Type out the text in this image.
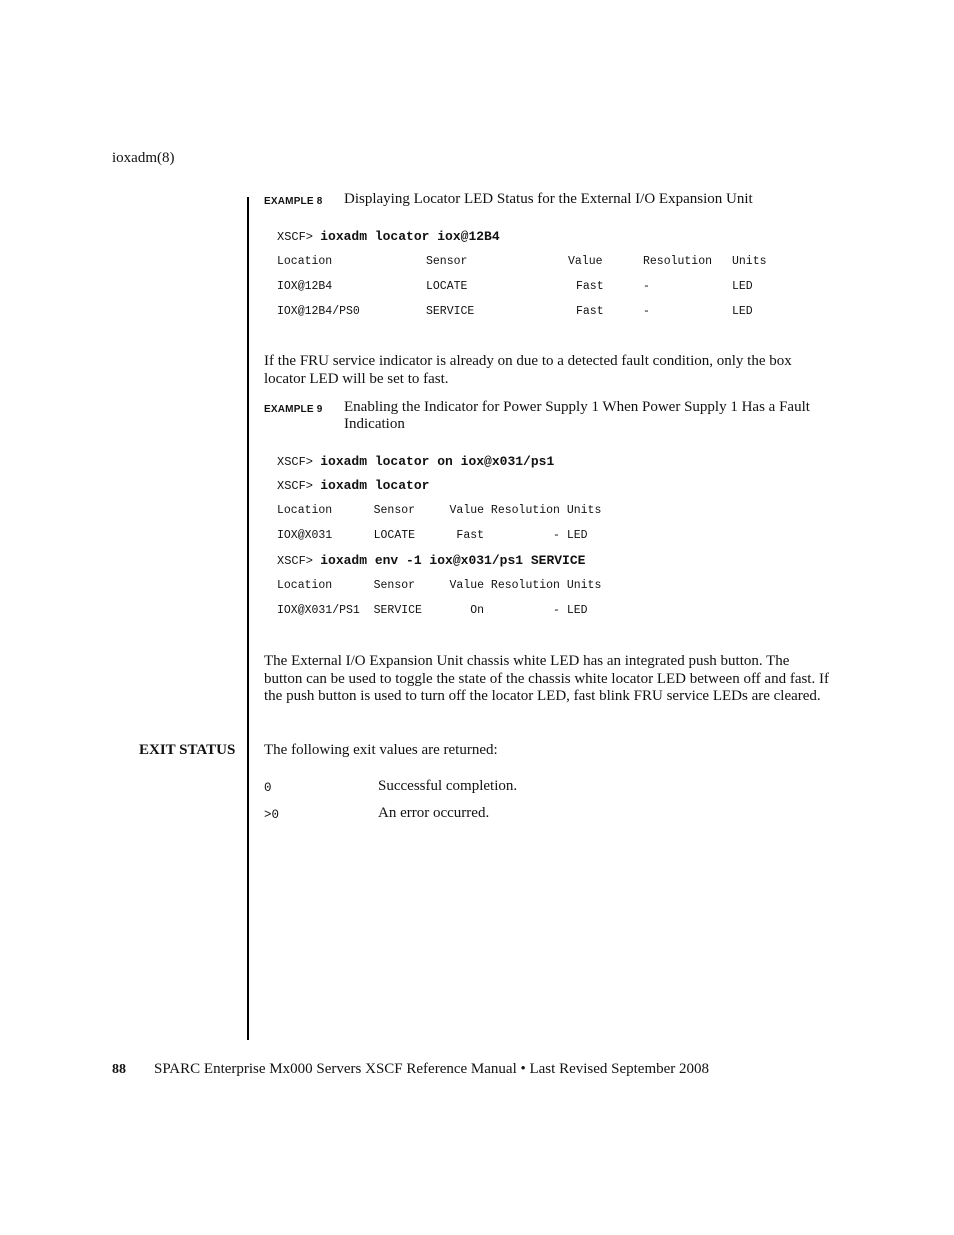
ioxadm(8)
EXAMPLE 8 Displaying Locator LED Status for the External I/O Expansion Unit
XSCF> ioxadm locator iox@12B4
Location	Sensor	Value	Resolution Units
IOX@12B4	LOCATE	Fast	-	LED
IOX@12B4/PS0	SERVICE	Fast	-	LED
If the FRU service indicator is already on due to a detected fault condition, only the box locator LED will be set to fast.
EXAMPLE 9 Enabling the Indicator for Power Supply 1 When Power Supply 1 Has a Fault
Indication
XSCF> ioxadm locator on iox@x031/ps1
XSCF> ioxadm locator
Location      Sensor     Value Resolution Units
IOX@X031      LOCATE      Fast          - LED
XSCF> ioxadm env -1 iox@x031/ps1 SERVICE
Location      Sensor     Value Resolution Units
IOX@X031/PS1  SERVICE       On          - LED
The External I/O Expansion Unit chassis white LED has an integrated push button. The button can be used to toggle the state of the chassis white locator LED between off and fast. If the push button is used to turn off the locator LED, fast blink FRU service LEDs are cleared.
EXIT STATUS The following exit values are returned:
0	Successful completion.
>0	An error occurred.
88 SPARC Enterprise Mx000 Servers XSCF Reference Manual • Last Revised September 2008
